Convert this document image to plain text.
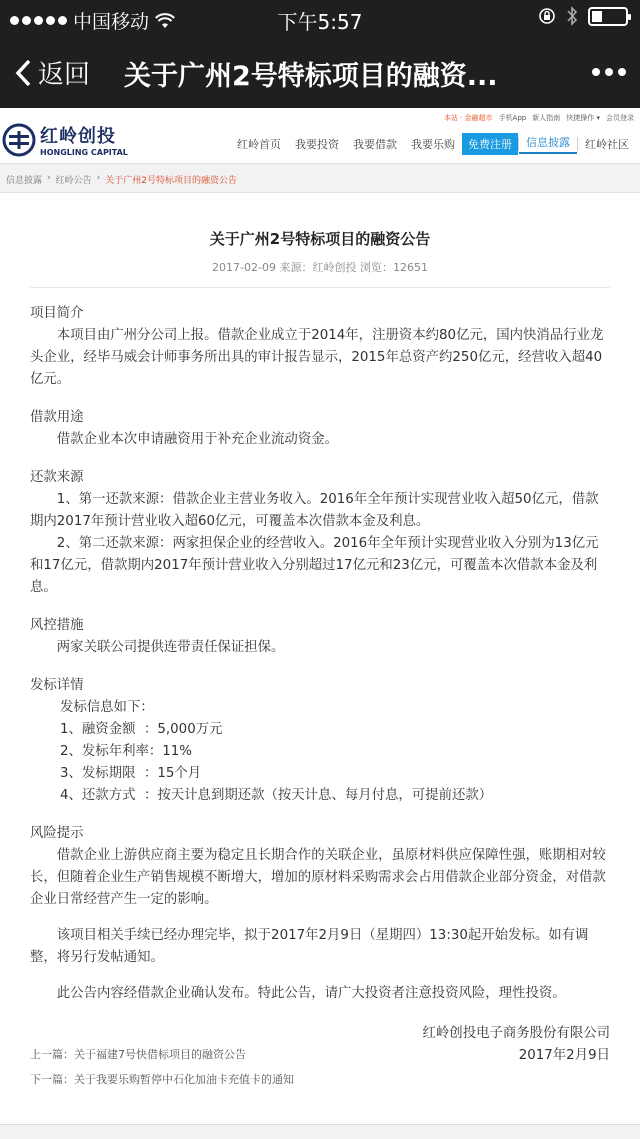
中国移动	下午5:57
返回 关于广州2号特标项目的融资...
本站 · 金融超市 手机App 新人指南 快捷操作 ▾ 会员登录
红岭创投
HONGLING CAPITAL
红岭首页	我要投资	我要借款	我要乐购	免费注册	信息披露	红岭社区
信息披露 › 红岭公告 › 关于广州2号特标项目的融资公告
关于广州2号特标项目的融资公告
2017-02-09 来源：红岭创投 浏览：12651
项目简介

本项目由广州分公司上报。借款企业成立于2014年，注册资本约80亿元，国内快消品行业龙头企业，经毕马威会计师事务所出具的审计报告显示，2015年总资产约250亿元，经营收入超40亿元。

借款用途

借款企业本次申请融资用于补充企业流动资金。

还款来源

1、第一还款来源：借款企业主营业务收入。2016年全年预计实现营业收入超50亿元，借款期内2017年预计营业收入超60亿元，可覆盖本次借款本金及利息。

2、第二还款来源：两家担保企业的经营收入。2016年全年预计实现营业收入分别为13亿元和17亿元，借款期内2017年预计营业收入分别超过17亿元和23亿元，可覆盖本次借款本金及利息。

风控措施

两家关联公司提供连带责任保证担保。

发标详情
发标信息如下：
1、融资金额  ：5,000万元
2、发标年利率：11%
3、发标期限  ：15个月
4、还款方式  ：按天计息到期还款（按天计息、每月付息，可提前还款）
风险提示

借款企业上游供应商主要为稳定且长期合作的关联企业，虽原材料供应保障性强，账期相对较长，但随着企业生产销售规模不断增大，增加的原材料采购需求会占用借款企业部分资金，对借款企业日常经营产生一定的影响。

该项目相关手续已经办理完毕，拟于2017年2月9日（星期四）13:30起开始发标。如有调整，将另行发帖通知。

此公告内容经借款企业确认发布。特此公告，请广大投资者注意投资风险，理性投资。

红岭创投电子商务股份有限公司
2017年2月9日
上一篇：关于福建7号快借标项目的融资公告
下一篇：关于我要乐购暂停中石化加油卡充值卡的通知
